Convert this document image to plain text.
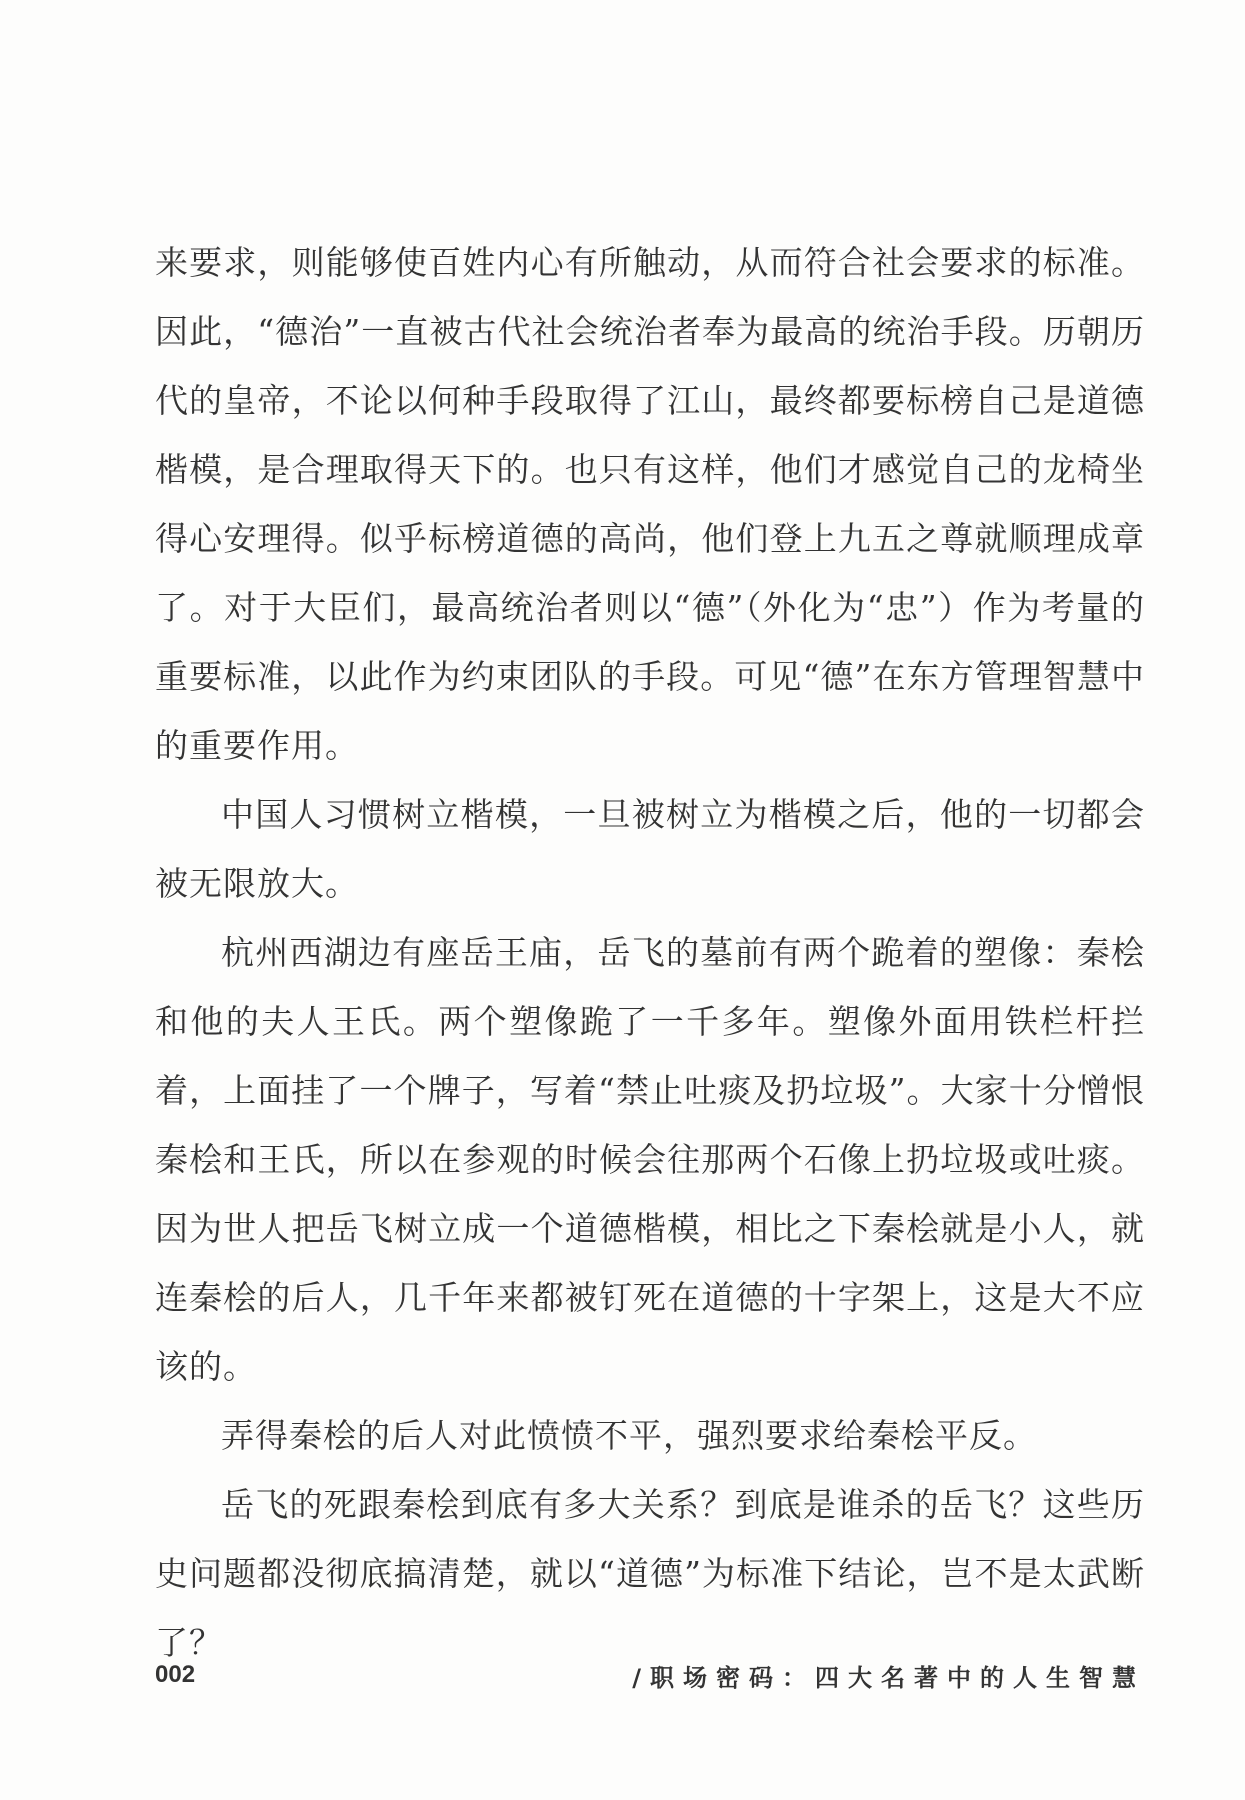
来要求，则能够使百姓内心有所触动，从而符合社会要求的标准。因此，“德治”一直被古代社会统治者奉为最高的统治手段。历朝历代的皇帝，不论以何种手段取得了江山，最终都要标榜自己是道德楷模，是合理取得天下的。也只有这样，他们才感觉自己的龙椅坐得心安理得。似乎标榜道德的高尚，他们登上九五之尊就顺理成章了。对于大臣们，最高统治者则以“德”（外化为“忠”）作为考量的重要标准，以此作为约束团队的手段。可见“德”在东方管理智慧中的重要作用。

中国人习惯树立楷模，一旦被树立为楷模之后，他的一切都会被无限放大。

杭州西湖边有座岳王庙，岳飞的墓前有两个跪着的塑像：秦桧和他的夫人王氏。两个塑像跪了一千多年。塑像外面用铁栏杆拦着，上面挂了一个牌子，写着“禁止吐痰及扔垃圾”。大家十分憎恨秦桧和王氏，所以在参观的时候会往那两个石像上扔垃圾或吐痰。因为世人把岳飞树立成一个道德楷模，相比之下秦桧就是小人，就连秦桧的后人，几千年来都被钉死在道德的十字架上，这是大不应该的。

弄得秦桧的后人对此愤愤不平，强烈要求给秦桧平反。

岳飞的死跟秦桧到底有多大关系？到底是谁杀的岳飞？这些历史问题都没彻底搞清楚，就以“道德”为标准下结论，岂不是太武断了？

002	/职场密码：四大名著中的人生智慧
